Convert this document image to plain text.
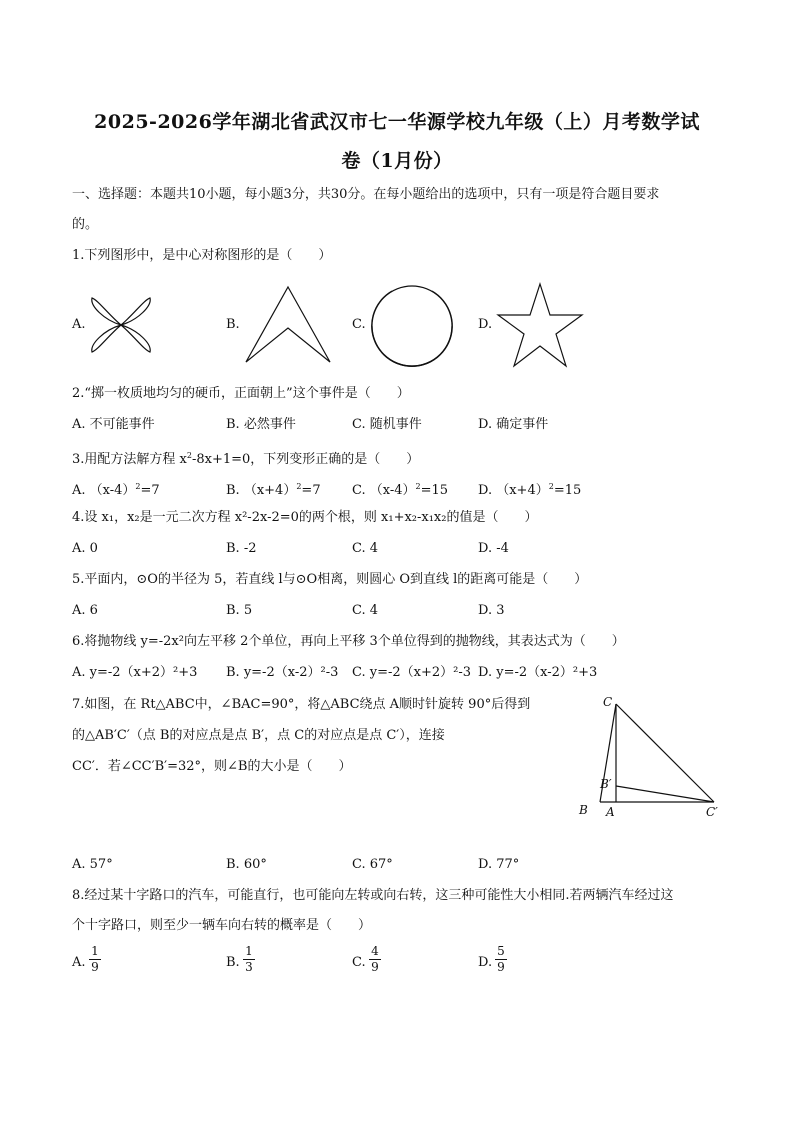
2025-2026学年湖北省武汉市七一华源学校九年级（上）月考数学试
卷（1月份）
一、选择题：本题共10小题，每小题3分，共30分。在每小题给出的选项中，只有一项是符合题目要求
的。
1.下列图形中，是中心对称图形的是（　　）
A.	B.	C.	D.
2.“掷一枚质地均匀的硬币，正面朝上”这个事件是（　　）
A. 不可能事件	B. 必然事件	C. 随机事件	D. 确定事件
3.用配方法解方程 $x^2-8x+1=0$，下列变形正确的是（　　）
A. $(x-4)^2=7$	B. $(x+4)^2=7$ C. $(x-4)^2=15$ D. $(x+4)^2=15$
4.设 x₁，x₂是一元二次方程 x²-2x-2=0的两个根，则 x₁+x₂-x₁x₂的值是（　　）
A. 0	B. -2	C. 4	D. -4
5.平面内，⊙O的半径为 5，若直线 l与⊙O相离，则圆心 O到直线 l的距离可能是（　　）
A. 6	B. 5	C. 4	D. 3
6.将抛物线 y=-2x²向左平移 2个单位，再向上平移 3个单位得到的抛物线，其表达式为（　　）
A. y=-2（x+2）²+3 B. y=-2（x-2）²-3 C. y=-2（x+2）²-3 D. y=-2（x-2）²+3
7.如图，在 Rt△ABC中，∠BAC=90°，将△ABC绕点 A顺时针旋转 90°后得到
的△AB′C′（点 B的对应点是点 B′，点 C的对应点是点 C′），连接
CC′．若∠CC′B′=32°，则∠B的大小是（　　）
C
B′
B A	C′
A. 57°	B. 60°	C. 67°	D. 77°
8.经过某十字路口的汽车，可能直行，也可能向左转或向右转，这三种可能性大小相同.若两辆汽车经过这
个十字路口，则至少一辆车向右转的概率是（　　）
A.
1
9	B.
1
3	C.
4
9	D.
5
9
